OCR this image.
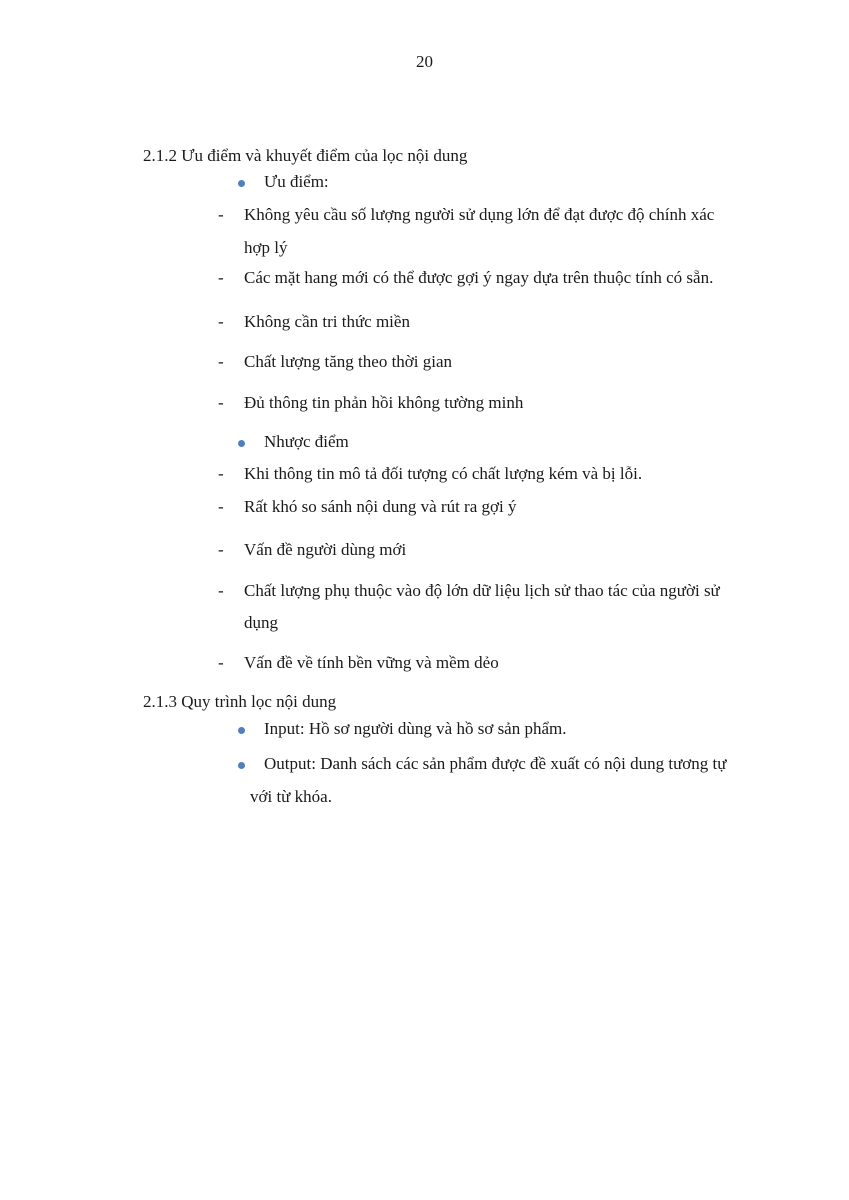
20
2.1.2 Ưu điểm và khuyết điểm của lọc nội dung
Ưu điểm:
- Không yêu cầu số lượng người sử dụng lớn để đạt được độ chính xác
hợp lý
- Các mặt hang mới có thể được gợi ý ngay dựa trên thuộc tính có sẵn.
- Không cần tri thức miền
- Chất lượng tăng theo thời gian
- Đủ thông tin phản hồi không tường minh
Nhược điểm
- Khi thông tin mô tả đối tượng có chất lượng kém và bị lỗi.
- Rất khó so sánh nội dung và rút ra gợi ý
- Vấn đề người dùng mới
- Chất lượng phụ thuộc vào độ lớn dữ liệu lịch sử thao tác của người sử
dụng
- Vấn đề về tính bền vững và mềm dẻo
2.1.3 Quy trình lọc nội dung
Input: Hồ sơ người dùng và hồ sơ sản phẩm.
Output: Danh sách các sản phẩm được đề xuất có nội dung tương tự
với từ khóa.
